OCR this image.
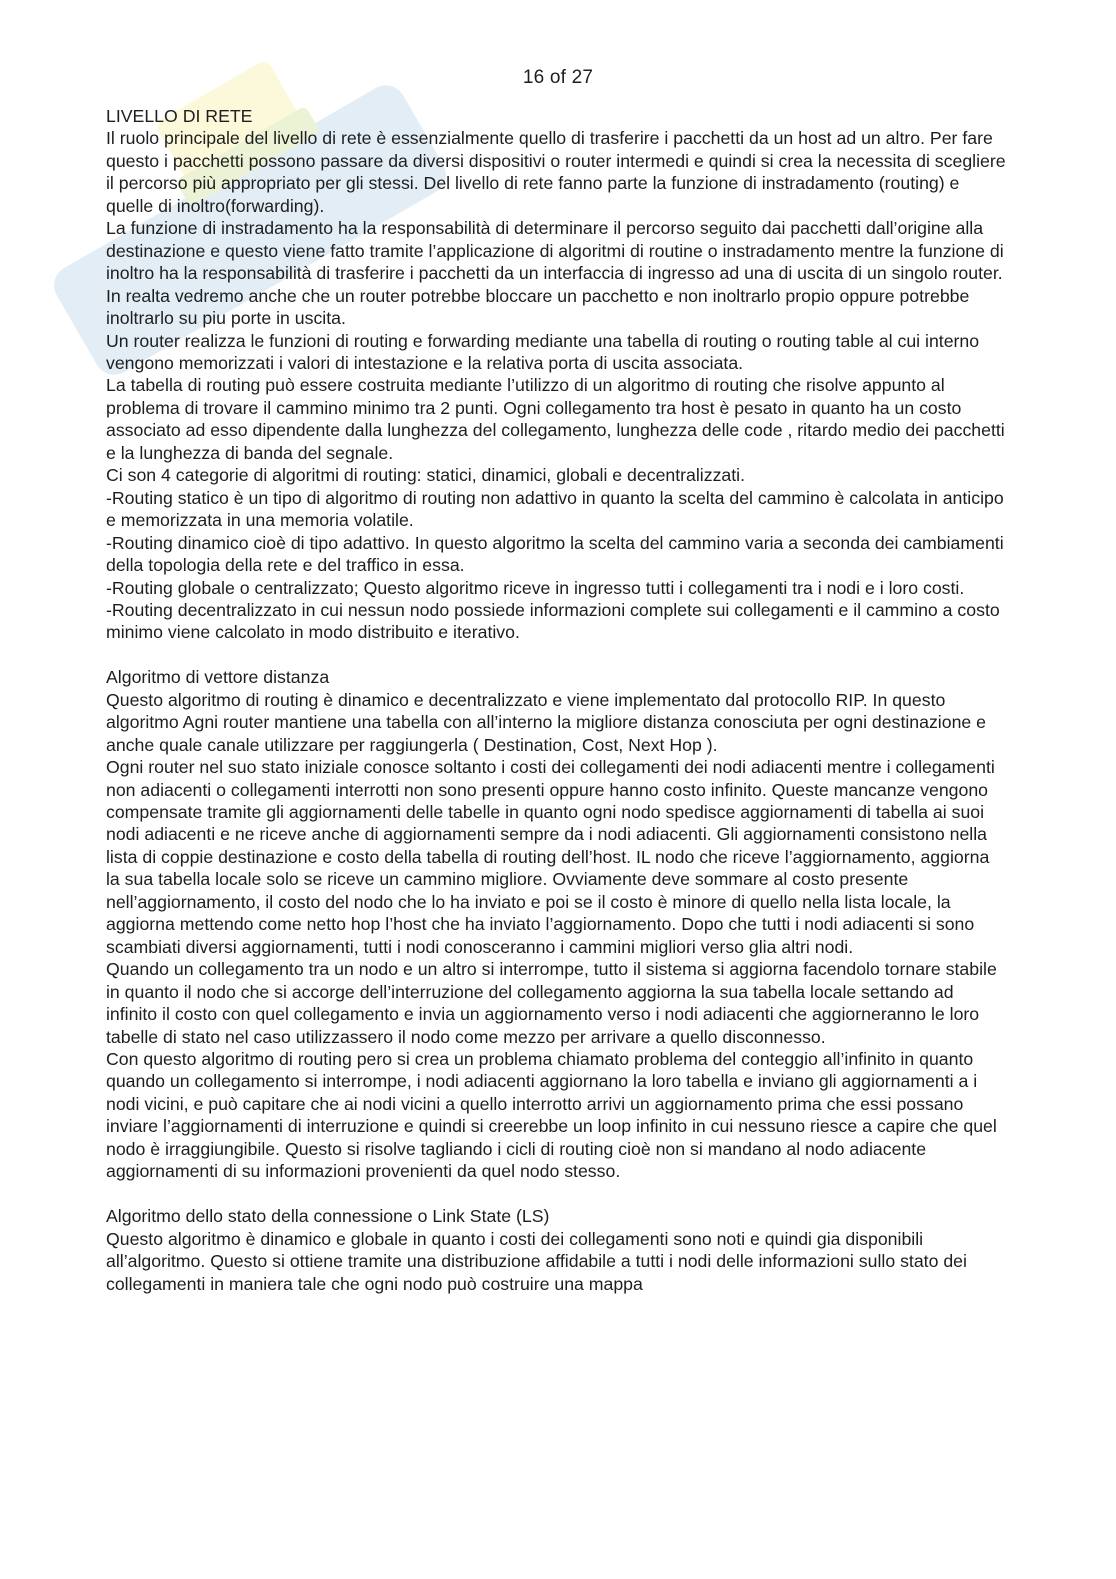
16 of 27

LIVELLO DI RETE

Il ruolo principale del livello di rete è essenzialmente quello di trasferire i pacchetti da un host ad un altro. Per fare questo i pacchetti possono passare da diversi dispositivi o router intermedi e quindi si crea la necessita di scegliere il percorso più appropriato per gli stessi. Del livello di rete fanno parte la funzione di instradamento (routing) e quelle di inoltro(forwarding).

La funzione di instradamento ha la responsabilità di determinare il percorso seguito dai pacchetti dall’origine alla destinazione e questo viene fatto tramite l’applicazione di algoritmi di routine o instradamento mentre la funzione di inoltro ha la responsabilità di trasferire i pacchetti da un interfaccia di ingresso ad una di uscita di un singolo router. In realta vedremo anche che un router potrebbe bloccare un pacchetto e non inoltrarlo propio oppure potrebbe inoltrarlo su piu porte in uscita.

Un router realizza le funzioni di routing e forwarding mediante una tabella di routing o routing table al cui interno vengono memorizzati i valori di intestazione e la relativa porta di uscita associata.

La tabella di routing può essere costruita mediante l’utilizzo di un algoritmo di routing che risolve appunto al problema di trovare il cammino minimo tra 2 punti. Ogni collegamento tra host è pesato in quanto ha un costo associato ad esso dipendente dalla lunghezza del collegamento, lunghezza delle code , ritardo medio dei pacchetti e la lunghezza di banda del segnale.

Ci son 4 categorie di algoritmi di routing: statici, dinamici, globali e decentralizzati.

-Routing statico è un tipo di algoritmo di routing non adattivo in quanto la scelta del cammino è calcolata in anticipo e memorizzata in una memoria volatile.

-Routing dinamico cioè di tipo adattivo. In questo algoritmo la scelta del cammino varia a seconda dei cambiamenti della topologia della rete e del traffico in essa.

-Routing globale o centralizzato; Questo algoritmo riceve in ingresso tutti i collegamenti tra i nodi e i loro costi.

-Routing decentralizzato in cui nessun nodo possiede informazioni complete sui collegamenti e il cammino a costo minimo viene calcolato in modo distribuito e iterativo.

Algoritmo di vettore distanza

Questo algoritmo di routing è dinamico e decentralizzato e viene implementato dal protocollo RIP. In questo algoritmo Agni router mantiene una tabella con all’interno la migliore distanza conosciuta per ogni destinazione e anche quale canale utilizzare per raggiungerla ( Destination, Cost, Next Hop ).

Ogni router nel suo stato iniziale conosce soltanto i costi dei collegamenti dei nodi adiacenti mentre i collegamenti non adiacenti o collegamenti interrotti non sono presenti oppure hanno costo infinito. Queste mancanze vengono compensate tramite gli aggiornamenti delle tabelle in quanto ogni nodo spedisce aggiornamenti di tabella ai suoi nodi adiacenti e ne riceve anche di aggiornamenti sempre da i nodi adiacenti. Gli aggiornamenti consistono nella lista di coppie destinazione e costo della tabella di routing dell’host. IL nodo che riceve l’aggiornamento, aggiorna la sua tabella locale solo se riceve un cammino migliore. Ovviamente deve sommare al costo presente nell’aggiornamento, il costo del nodo che lo ha inviato e poi se il costo è minore di quello nella lista locale, la aggiorna mettendo come netto hop l’host che ha inviato l’aggiornamento. Dopo che tutti i nodi adiacenti si sono scambiati diversi aggiornamenti, tutti i nodi conosceranno i cammini migliori verso glia altri nodi.

Quando un collegamento tra un nodo e un altro si interrompe, tutto il sistema si aggiorna facendolo tornare stabile in quanto il nodo che si accorge dell’interruzione del collegamento aggiorna la sua tabella locale settando ad infinito il costo con quel collegamento e invia un aggiornamento verso i nodi adiacenti che aggiorneranno le loro tabelle di stato nel caso utilizzassero il nodo come mezzo per arrivare a quello disconnesso.

Con questo algoritmo di routing pero si crea un problema chiamato problema del conteggio all’infinito in quanto quando un collegamento si interrompe, i nodi adiacenti aggiornano la loro tabella e inviano gli aggiornamenti a i nodi vicini, e può capitare che ai nodi vicini a quello interrotto arrivi un aggiornamento prima che essi possano inviare l’aggiornamenti di interruzione e quindi si creerebbe un loop infinito in cui nessuno riesce a capire che quel nodo è irraggiungibile. Questo si risolve tagliando i cicli di routing cioè non si mandano al nodo adiacente aggiornamenti di su informazioni provenienti da quel nodo stesso.

Algoritmo dello stato della connessione o Link State (LS)

Questo algoritmo è dinamico e globale in quanto i costi dei collegamenti sono noti e quindi gia disponibili all’algoritmo. Questo si ottiene tramite una distribuzione affidabile a tutti i nodi delle informazioni sullo stato dei collegamenti in maniera tale che ogni nodo può costruire una mappa
